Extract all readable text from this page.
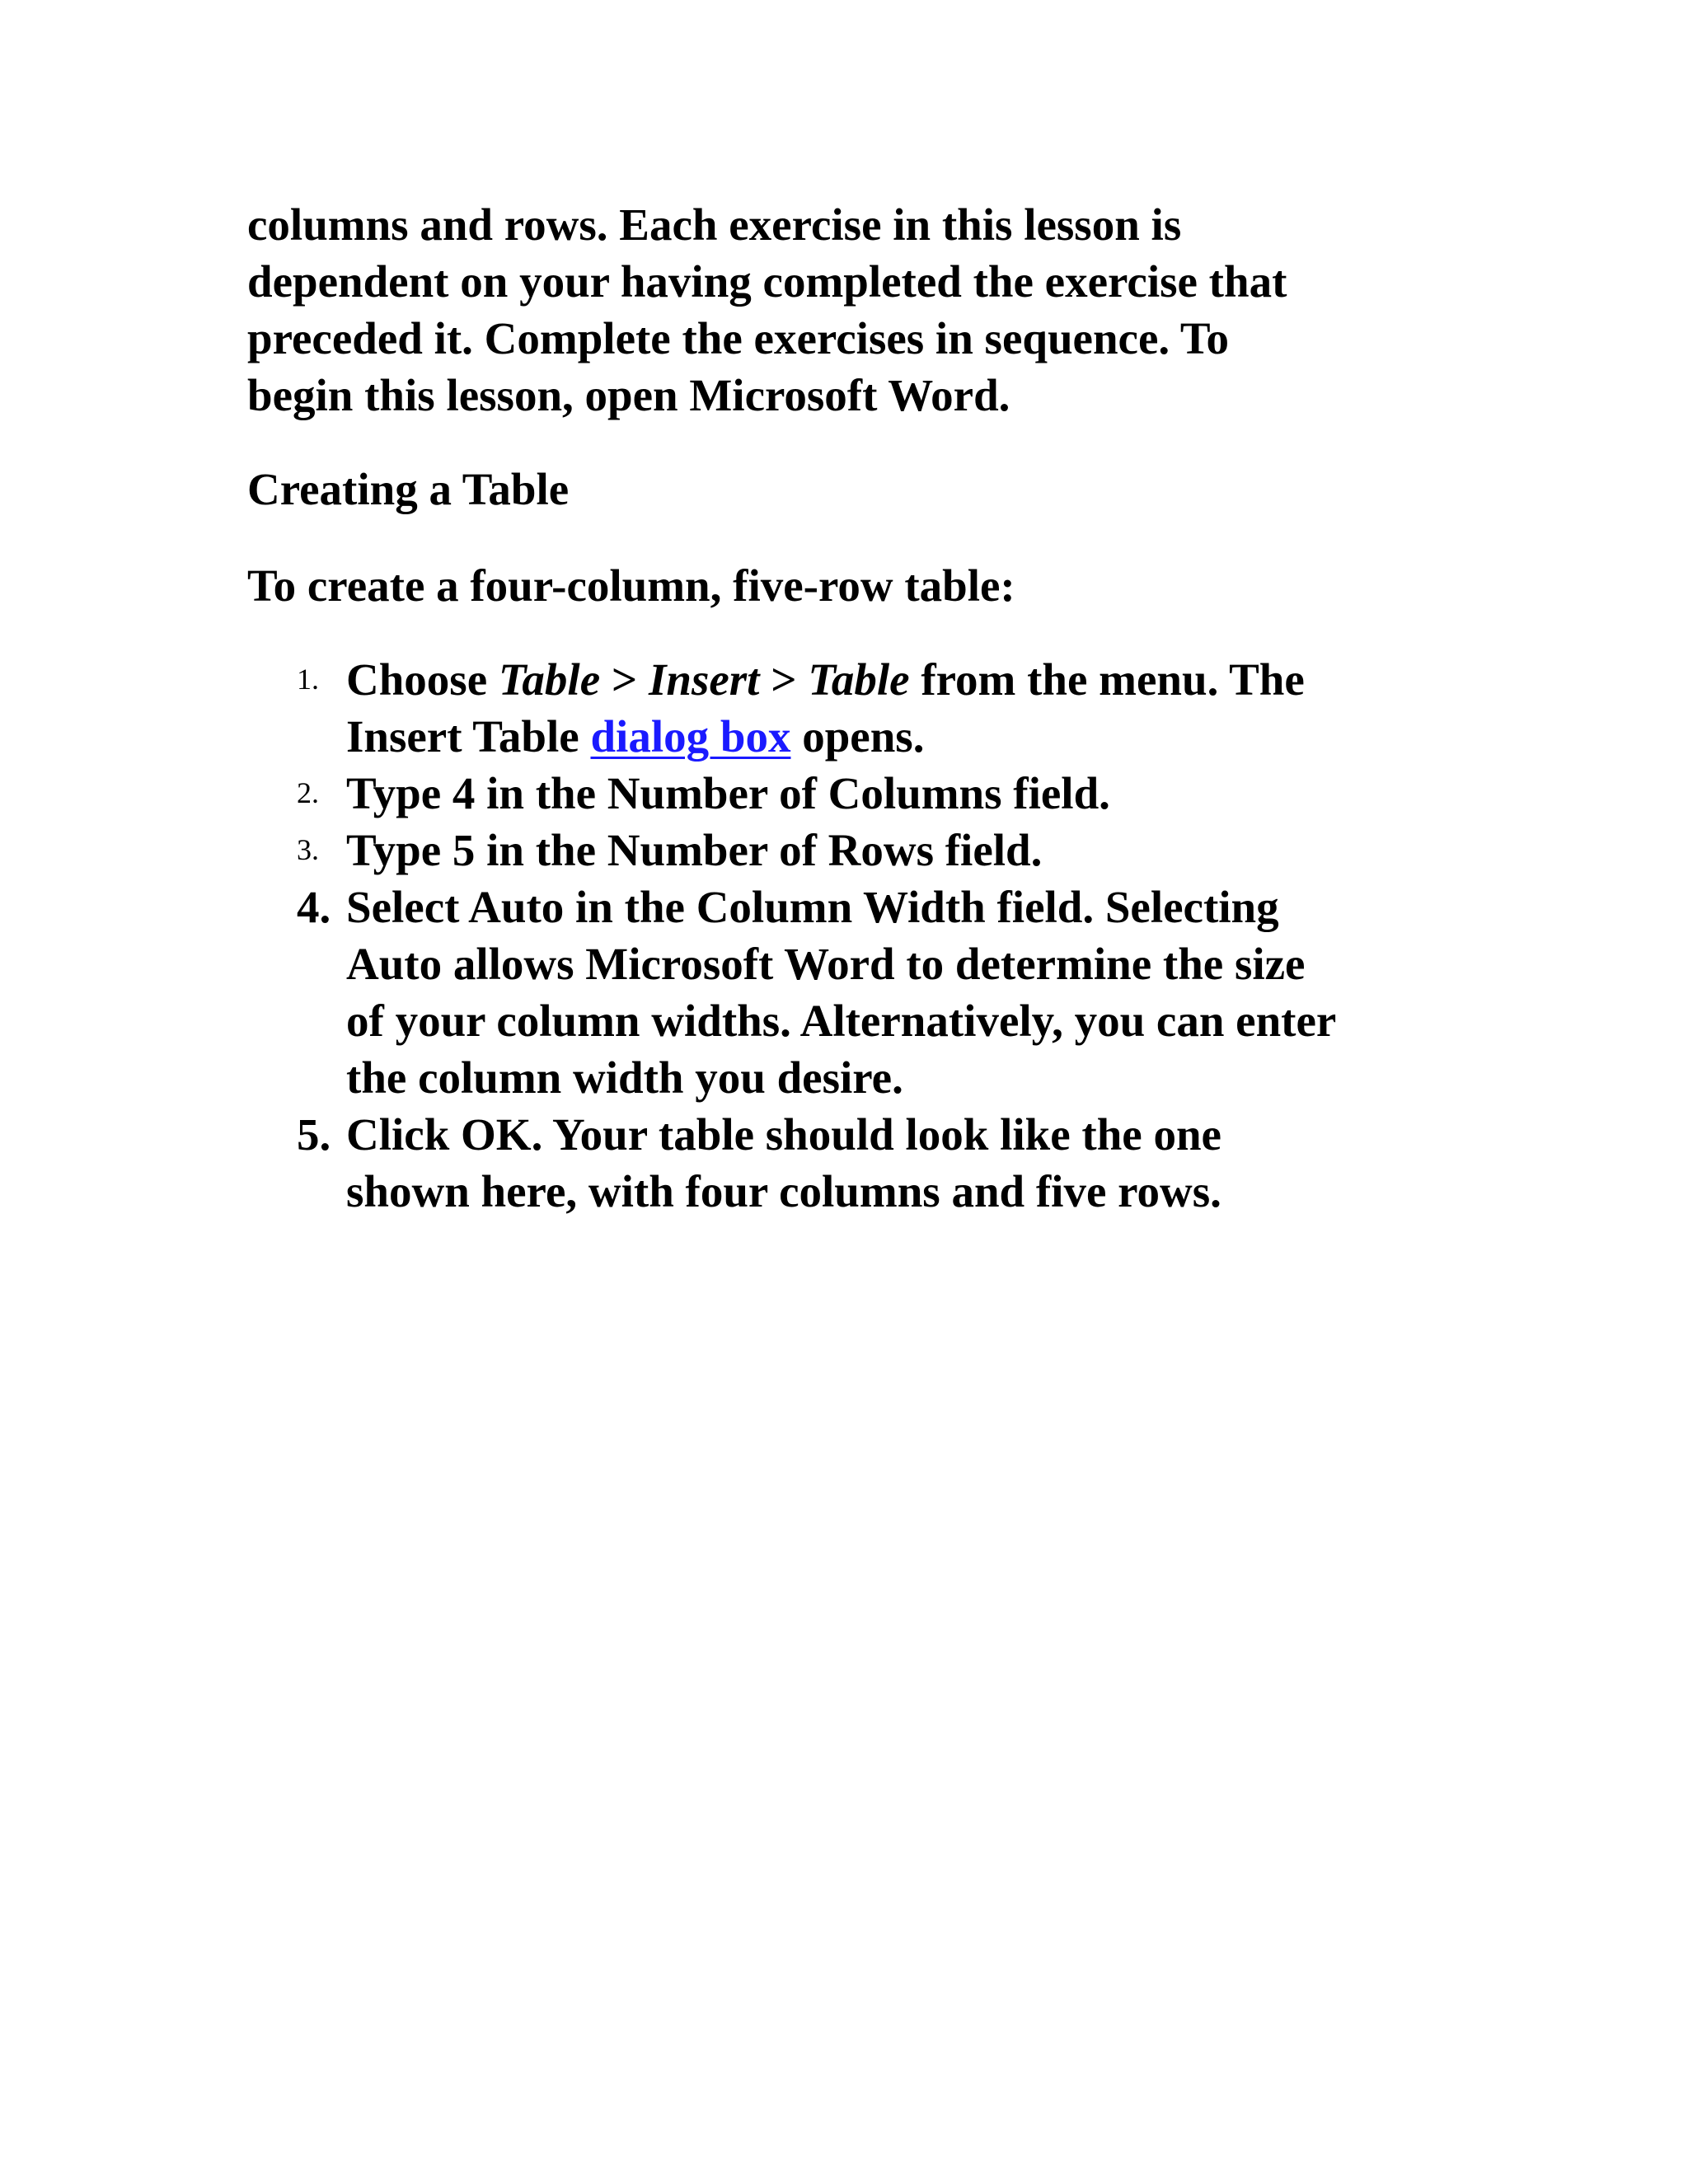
columns and rows. Each exercise in this lesson is
dependent on your having completed the exercise that
preceded it. Complete the exercises in sequence. To
begin this lesson, open Microsoft Word.

Creating a Table
To create a four-column, five-row table:
1. Choose Table > Insert > Table from the menu. The
Insert Table dialog box opens.
2. Type 4 in the Number of Columns field.
3. Type 5 in the Number of Rows field.
4. Select Auto in the Column Width field. Selecting
Auto allows Microsoft Word to determine the size
of your column widths. Alternatively, you can enter
the column width you desire.
5. Click OK. Your table should look like the one
shown here, with four columns and five rows.
